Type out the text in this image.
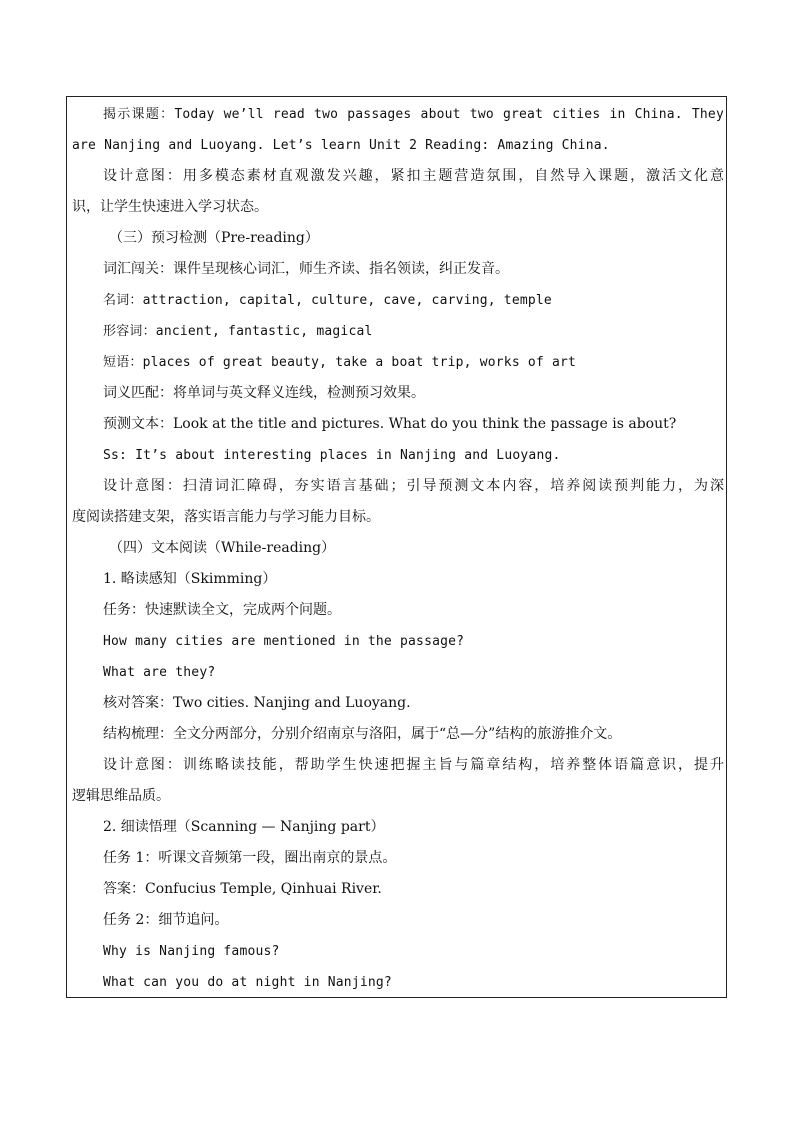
揭示课题：Today we’ll read two passages about two great cities in China. They
are Nanjing and Luoyang. Let’s learn Unit 2 Reading: Amazing China.
设计意图：用多模态素材直观激发兴趣，紧扣主题营造氛围，自然导入课题，激活文化意
识，让学生快速进入学习状态。
（三）预习检测（Pre-reading）
词汇闯关：课件呈现核心词汇，师生齐读、指名领读，纠正发音。
名词：attraction, capital, culture, cave, carving, temple
形容词：ancient, fantastic, magical
短语：places of great beauty, take a boat trip, works of art
词义匹配：将单词与英文释义连线，检测预习效果。
预测文本：Look at the title and pictures. What do you think the passage is about?
Ss: It’s about interesting places in Nanjing and Luoyang.
设计意图：扫清词汇障碍，夯实语言基础；引导预测文本内容，培养阅读预判能力，为深
度阅读搭建支架，落实语言能力与学习能力目标。
（四）文本阅读（While-reading）
1. 略读感知（Skimming）
任务：快速默读全文，完成两个问题。
How many cities are mentioned in the passage?
What are they?
核对答案：Two cities. Nanjing and Luoyang.
结构梳理：全文分两部分，分别介绍南京与洛阳，属于“总—分”结构的旅游推介文。
设计意图：训练略读技能，帮助学生快速把握主旨与篇章结构，培养整体语篇意识，提升
逻辑思维品质。
2. 细读悟理（Scanning — Nanjing part）
任务 1：听课文音频第一段，圈出南京的景点。
答案：Confucius Temple, Qinhuai River.
任务 2：细节追问。
Why is Nanjing famous?
What can you do at night in Nanjing?
